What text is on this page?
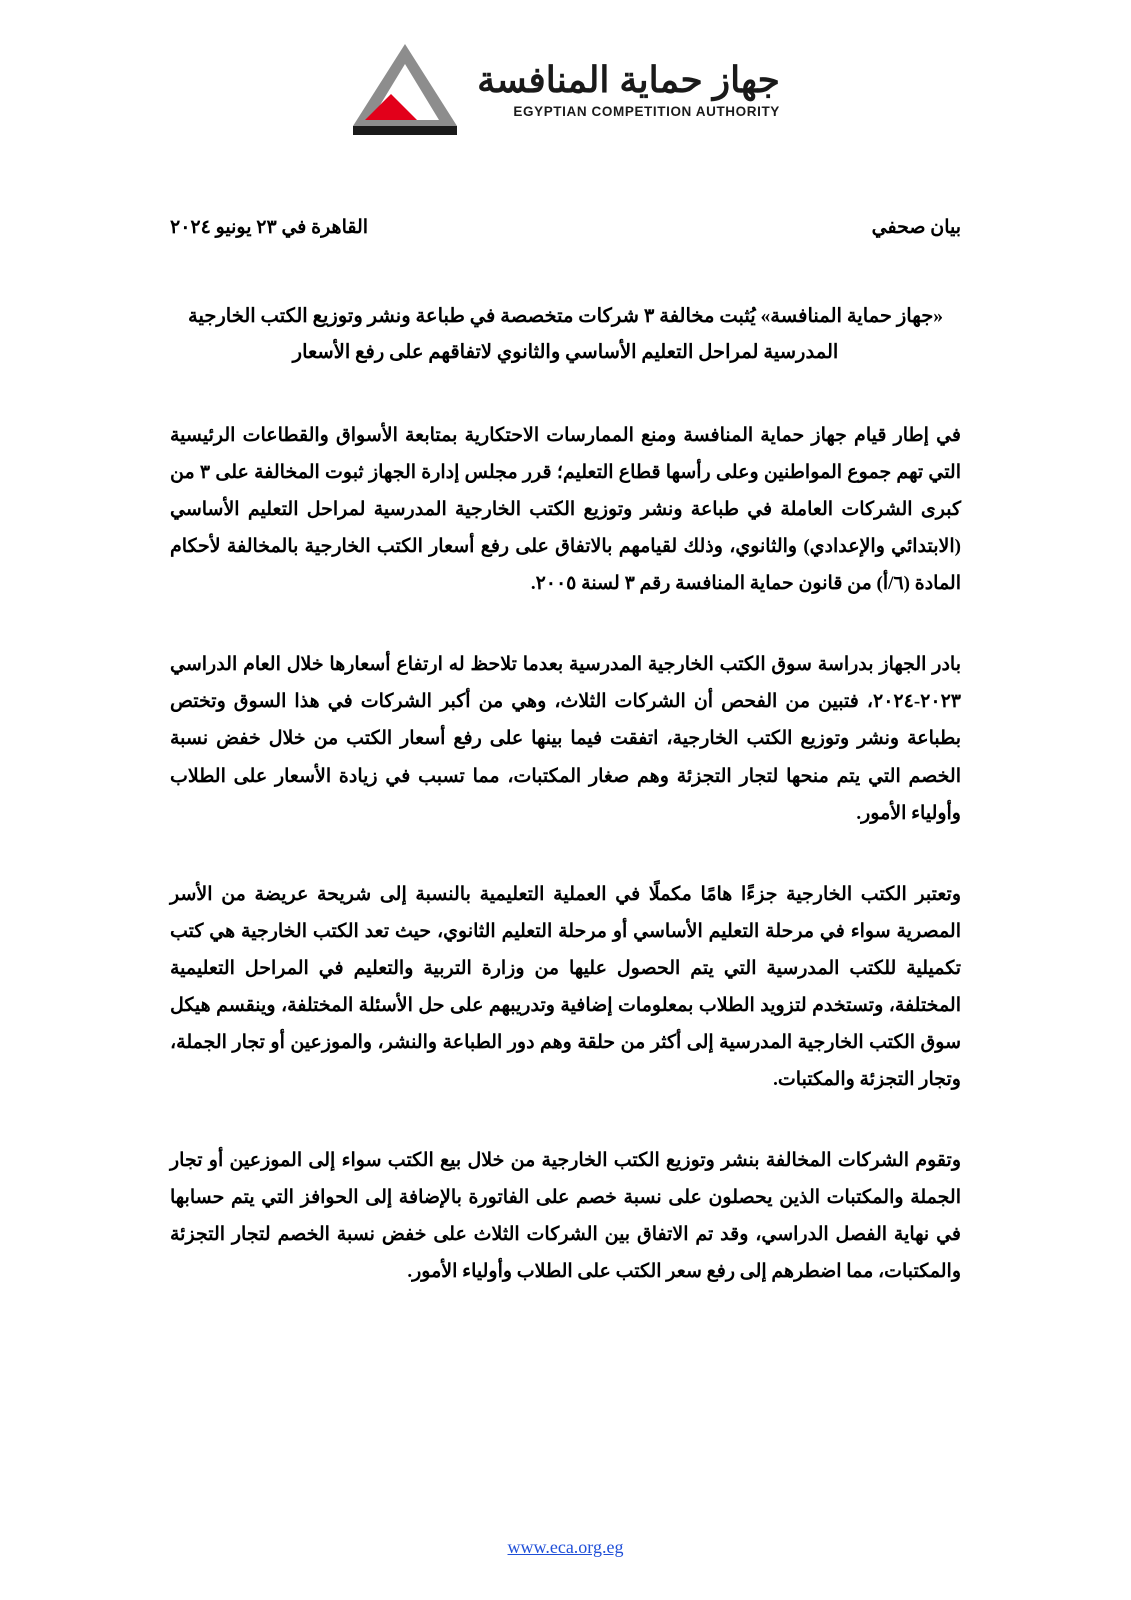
جهاز حماية المنافسة
EGYPTIAN COMPETITION AUTHORITY
بيان صحفي
القاهرة في ٢٣ يونيو ٢٠٢٤
«جهاز حماية المنافسة» يُثبت مخالفة ٣ شركات متخصصة في طباعة ونشر وتوزيع الكتب الخارجية المدرسية لمراحل التعليم الأساسي والثانوي لاتفاقهم على رفع الأسعار

في إطار قيام جهاز حماية المنافسة ومنع الممارسات الاحتكارية بمتابعة الأسواق والقطاعات الرئيسية التي تهم جموع المواطنين وعلى رأسها قطاع التعليم؛ قرر مجلس إدارة الجهاز ثبوت المخالفة على ٣ من كبرى الشركات العاملة في طباعة ونشر وتوزيع الكتب الخارجية المدرسية لمراحل التعليم الأساسي (الابتدائي والإعدادي) والثانوي، وذلك لقيامهم بالاتفاق على رفع أسعار الكتب الخارجية بالمخالفة لأحكام المادة (٦/أ) من قانون حماية المنافسة رقم ٣ لسنة ٢٠٠٥.

بادر الجهاز بدراسة سوق الكتب الخارجية المدرسية بعدما تلاحظ له ارتفاع أسعارها خلال العام الدراسي ٢٠٢٣-٢٠٢٤، فتبين من الفحص أن الشركات الثلاث، وهي من أكبر الشركات في هذا السوق وتختص بطباعة ونشر وتوزيع الكتب الخارجية، اتفقت فيما بينها على رفع أسعار الكتب من خلال خفض نسبة الخصم التي يتم منحها لتجار التجزئة وهم صغار المكتبات، مما تسبب في زيادة الأسعار على الطلاب وأولياء الأمور.

وتعتبر الكتب الخارجية جزءًا هامًا مكملًا في العملية التعليمية بالنسبة إلى شريحة عريضة من الأسر المصرية سواء في مرحلة التعليم الأساسي أو مرحلة التعليم الثانوي، حيث تعد الكتب الخارجية هي كتب تكميلية للكتب المدرسية التي يتم الحصول عليها من وزارة التربية والتعليم في المراحل التعليمية المختلفة، وتستخدم لتزويد الطلاب بمعلومات إضافية وتدريبهم على حل الأسئلة المختلفة، وينقسم هيكل سوق الكتب الخارجية المدرسية إلى أكثر من حلقة وهم دور الطباعة والنشر، والموزعين أو تجار الجملة، وتجار التجزئة والمكتبات.

وتقوم الشركات المخالفة بنشر وتوزيع الكتب الخارجية من خلال بيع الكتب سواء إلى الموزعين أو تجار الجملة والمكتبات الذين يحصلون على نسبة خصم على الفاتورة بالإضافة إلى الحوافز التي يتم حسابها في نهاية الفصل الدراسي، وقد تم الاتفاق بين الشركات الثلاث على خفض نسبة الخصم لتجار التجزئة والمكتبات، مما اضطرهم إلى رفع سعر الكتب على الطلاب وأولياء الأمور.

www.eca.org.eg
